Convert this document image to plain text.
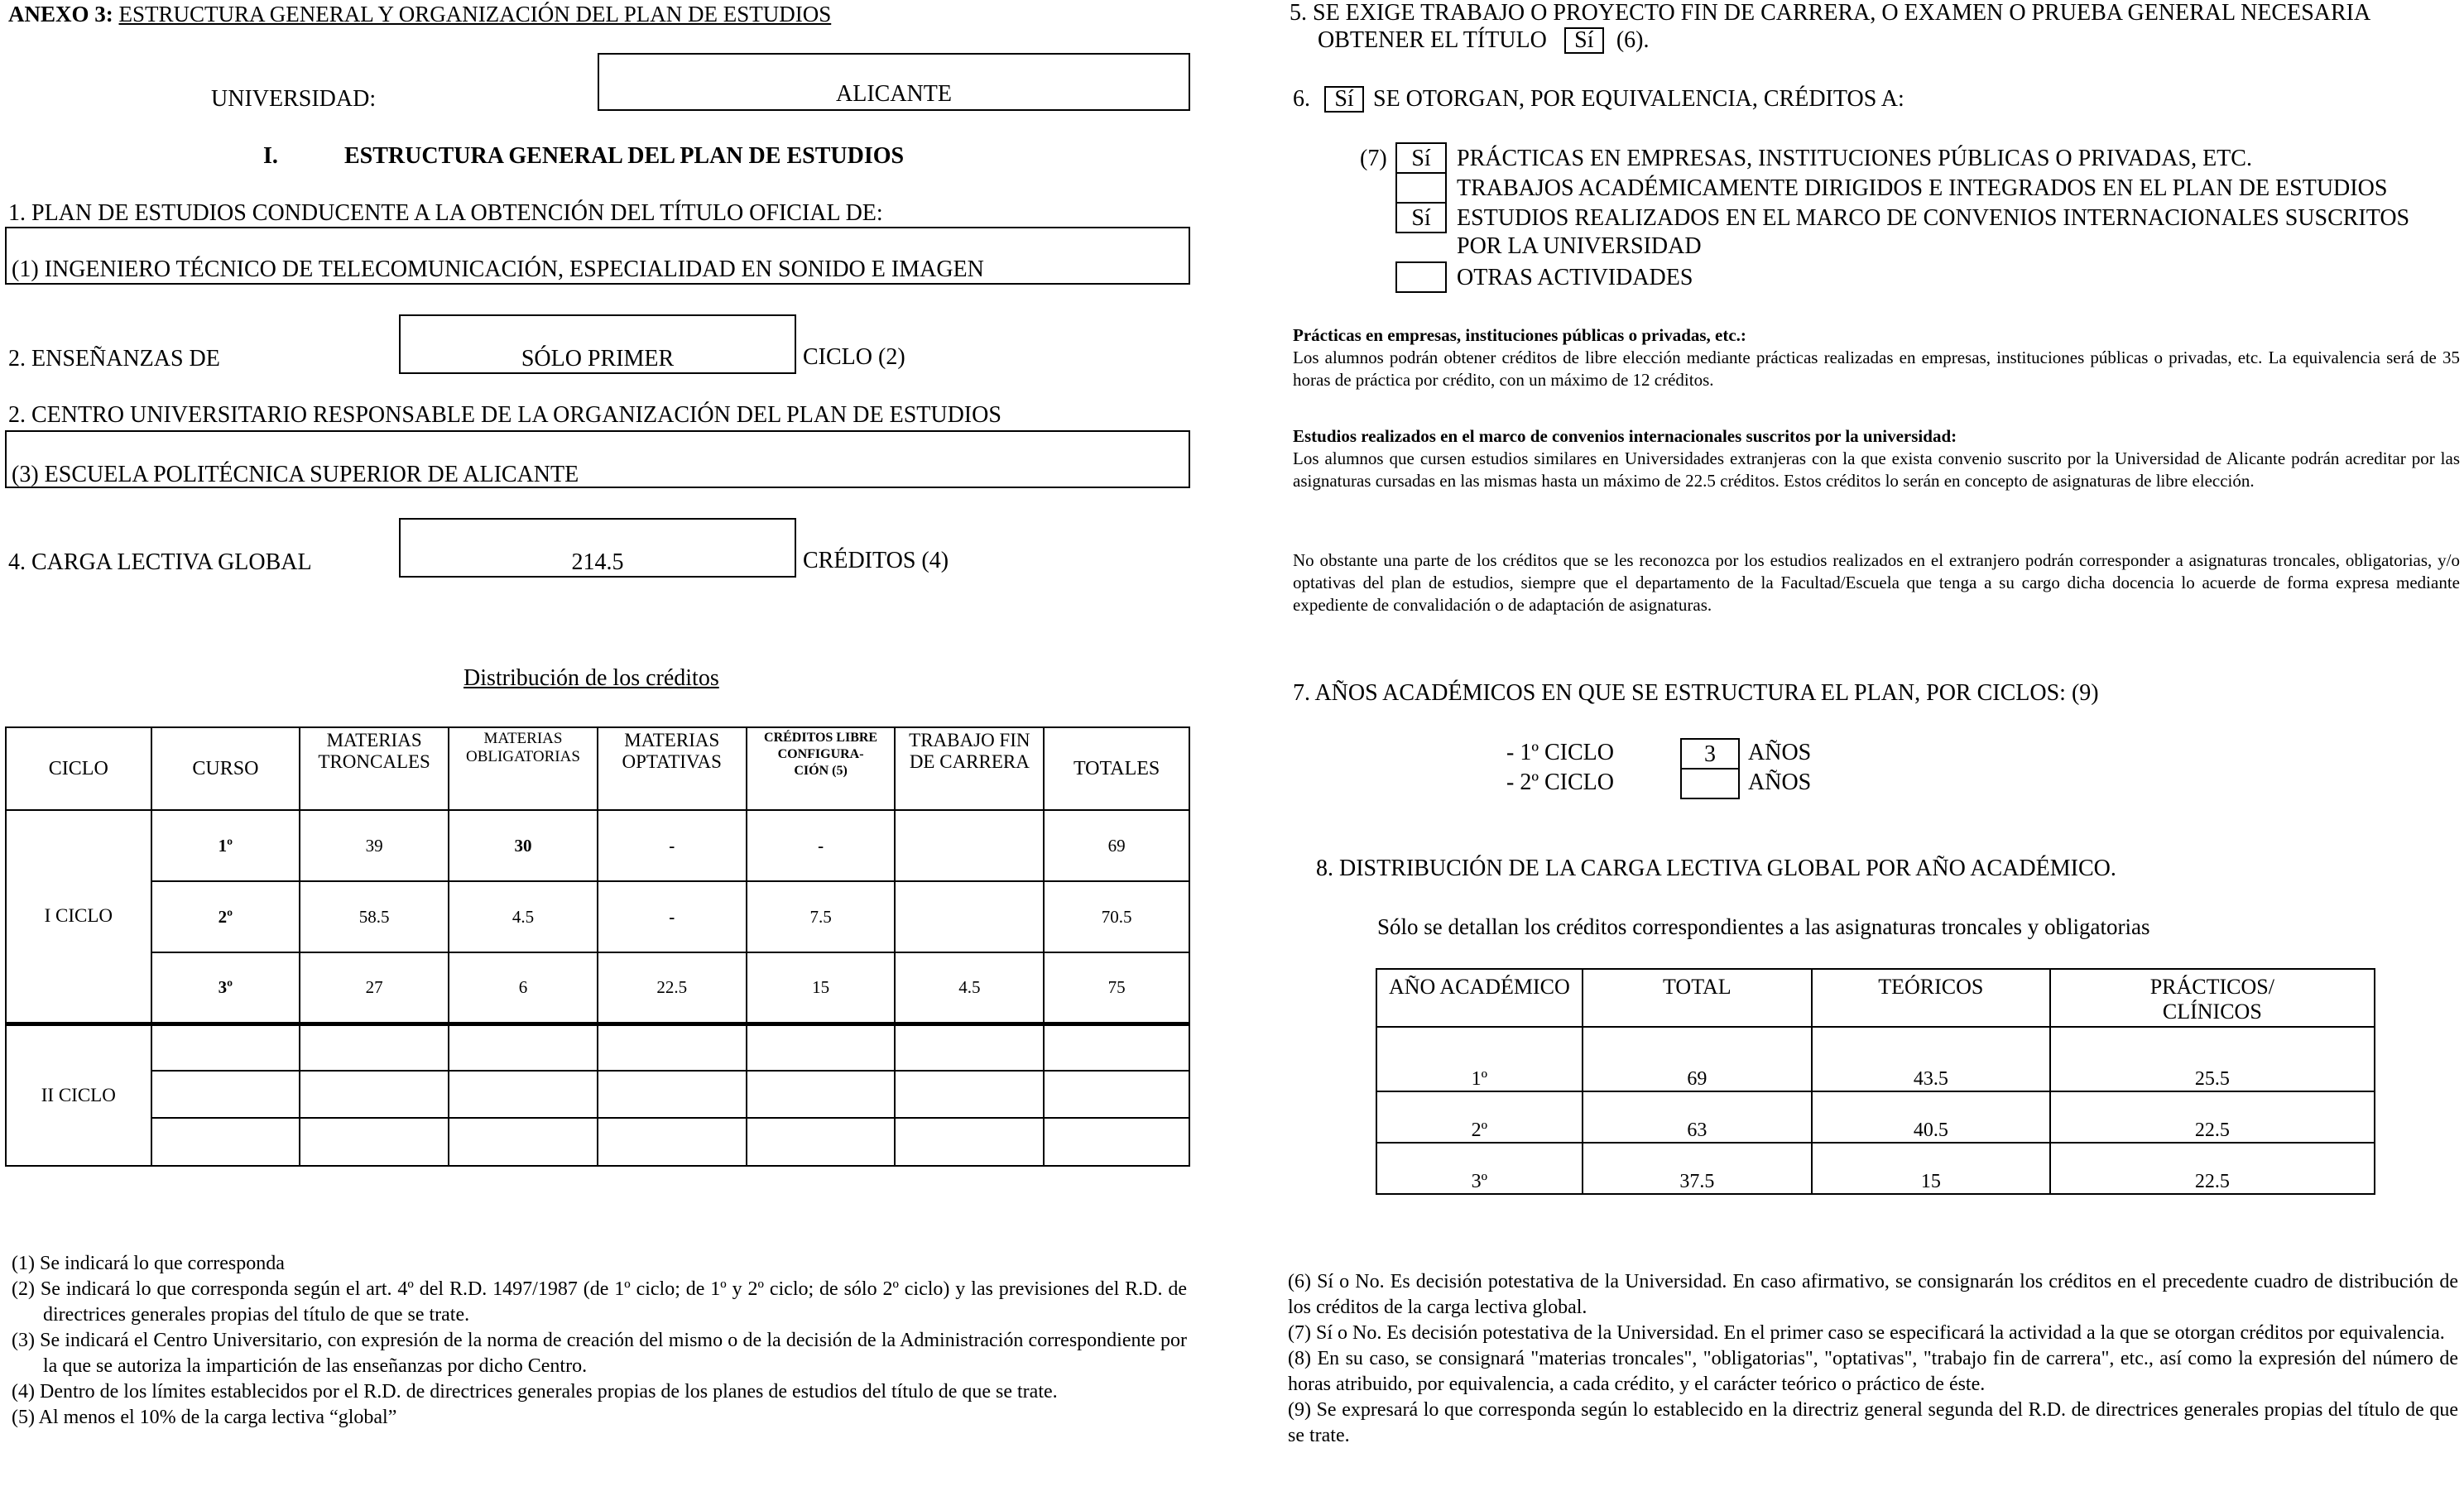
ANEXO 3: ESTRUCTURA GENERAL Y ORGANIZACIÓN DEL PLAN DE ESTUDIOS
UNIVERSIDAD:	ALICANTE
I.	ESTRUCTURA GENERAL DEL PLAN DE ESTUDIOS
1. PLAN DE ESTUDIOS CONDUCENTE A LA OBTENCIÓN DEL TÍTULO OFICIAL DE:
(1) INGENIERO TÉCNICO DE TELECOMUNICACIÓN, ESPECIALIDAD EN SONIDO E IMAGEN
2. ENSEÑANZAS DE	SÓLO PRIMER	CICLO (2)
2. CENTRO UNIVERSITARIO RESPONSABLE DE LA ORGANIZACIÓN DEL PLAN DE ESTUDIOS
(3) ESCUELA POLITÉCNICA SUPERIOR DE ALICANTE
4. CARGA LECTIVA GLOBAL	214.5	CRÉDITOS (4)
Distribución de los créditos
CICLO	CURSO	MATERIAS TRONCALES	MATERIAS OBLIGATORIAS	MATERIAS OPTATIVAS	CRÉDITOS LIBRE CONFIGURA-CIÓN (5)	TRABAJO FIN DE CARRERA	TOTALES
I CICLO	1º	39	30	-	-		69
	2º	58.5	4.5	-	7.5		70.5
	3º	27	6	22.5	15	4.5	75
II CICLO							

(1) Se indicará lo que corresponda
(2) Se indicará lo que corresponda según el art. 4º del R.D. 1497/1987 (de 1º ciclo; de 1º y 2º ciclo; de sólo 2º ciclo) y las previsiones del R.D. de directrices generales propias del título de que se trate.
(3) Se indicará el Centro Universitario, con expresión de la norma de creación del mismo o de la decisión de la Administración correspondiente por la que se autoriza la impartición de las enseñanzas por dicho Centro.
(4) Dentro de los límites establecidos por el R.D. de directrices generales propias de los planes de estudios del título de que se trate.
(5) Al menos el 10% de la carga lectiva “global”
5. SE EXIGE TRABAJO O PROYECTO FIN DE CARRERA, O EXAMEN O PRUEBA GENERAL NECESARIA
OBTENER EL TÍTULO Sí (6).
6. Sí SE OTORGAN, POR EQUIVALENCIA, CRÉDITOS A:
(7)	Sí	PRÁCTICAS EN EMPRESAS, INSTITUCIONES PÚBLICAS O PRIVADAS, ETC.
TRABAJOS ACADÉMICAMENTE DIRIGIDOS E INTEGRADOS EN EL PLAN DE ESTUDIOS
Sí	ESTUDIOS REALIZADOS EN EL MARCO DE CONVENIOS INTERNACIONALES SUSCRITOS
POR LA UNIVERSIDAD
OTRAS ACTIVIDADES
Prácticas en empresas, instituciones públicas o privadas, etc.:
Los alumnos podrán obtener créditos de libre elección mediante prácticas realizadas en empresas, instituciones públicas o privadas, etc. La equivalencia será de 35 horas de práctica por crédito, con un máximo de 12 créditos.
Estudios realizados en el marco de convenios internacionales suscritos por la universidad:
Los alumnos que cursen estudios similares en Universidades extranjeras con la que exista convenio suscrito por la Universidad de Alicante podrán acreditar por las asignaturas cursadas en las mismas hasta un máximo de 22.5 créditos. Estos créditos lo serán en concepto de asignaturas de libre elección.
No obstante una parte de los créditos que se les reconozca por los estudios realizados en el extranjero podrán corresponder a asignaturas troncales, obligatorias, y/o optativas del plan de estudios, siempre que el departamento de la Facultad/Escuela que tenga a su cargo dicha docencia lo acuerde de forma expresa mediante expediente de convalidación o de adaptación de asignaturas.
7. AÑOS ACADÉMICOS EN QUE SE ESTRUCTURA EL PLAN, POR CICLOS: (9)
- 1º CICLO	3	AÑOS
- 2º CICLO	AÑOS
8. DISTRIBUCIÓN DE LA CARGA LECTIVA GLOBAL POR AÑO ACADÉMICO.
Sólo se detallan los créditos correspondientes a las asignaturas troncales y obligatorias
AÑO ACADÉMICO	TOTAL	TEÓRICOS	PRÁCTICOS/ CLÍNICOS
1º	69	43.5	25.5
2º	63	40.5	22.5
3º	37.5	15	22.5
(6) Sí o No. Es decisión potestativa de la Universidad. En caso afirmativo, se consignarán los créditos en el precedente cuadro de distribución de los créditos de la carga lectiva global.
(7) Sí o No. Es decisión potestativa de la Universidad. En el primer caso se especificará la actividad a la que se otorgan créditos por equivalencia.
(8) En su caso, se consignará "materias troncales", "obligatorias", "optativas", "trabajo fin de carrera", etc., así como la expresión del número de horas atribuido, por equivalencia, a cada crédito, y el carácter teórico o práctico de éste.
(9) Se expresará lo que corresponda según lo establecido en la directriz general segunda del R.D. de directrices generales propias del título de que se trate.
